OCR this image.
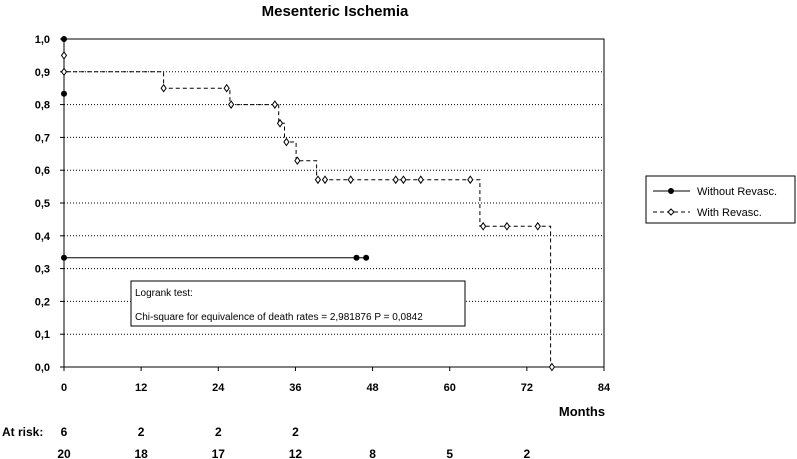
Mesenteric Ischemia
0,0
0,1
0,2
0,3
0,4
0,5
0,6
0,7
0,8
0,9
1,0
0	12	24	36	48	60	72	84
Months
Logrank test:
Chi-square for equivalence of death rates = 2,981876 P = 0,0842
Without Revasc.
With Revasc.
At risk: 6	2	2	2
20	18	17	12	8	5	2
